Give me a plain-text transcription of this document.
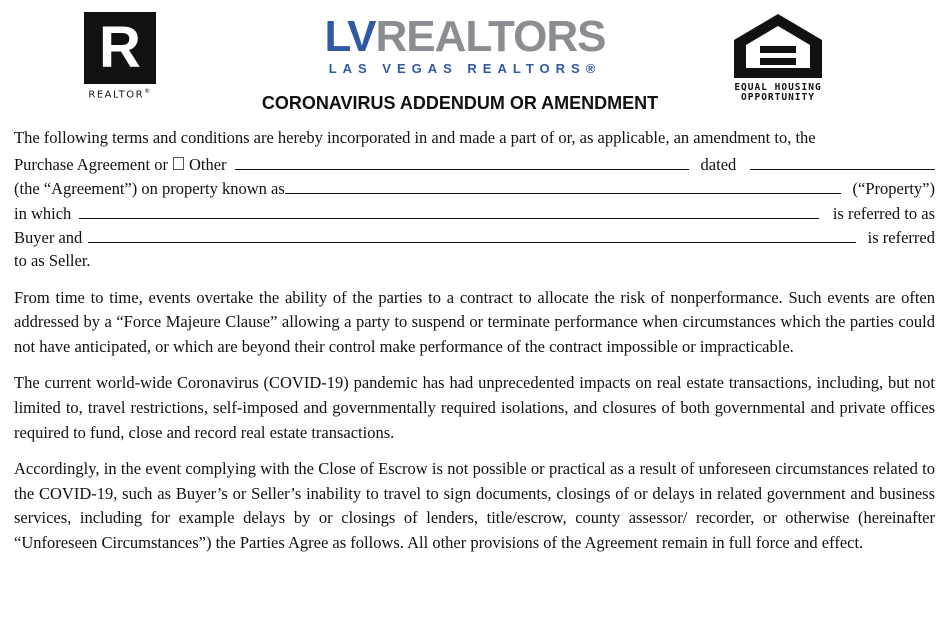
R
REALTOR®
LVREALTORS
LAS VEGAS REALTORS®
CORONAVIRUS ADDENDUM OR AMENDMENT
EQUAL HOUSING
OPPORTUNITY
The following terms and conditions are hereby incorporated in and made a part of or, as applicable, an amendment to, the
Purchase Agreement or Other	dated
(the “Agreement”) on property known as	(“Property”)
in which	is referred to as
Buyer and	is referred
to as Seller.

From time to time, events overtake the ability of the parties to a contract to allocate the risk of nonperformance. Such events are often addressed by a “Force Majeure Clause” allowing a party to suspend or terminate performance when circumstances which the parties could not have anticipated, or which are beyond their control make performance of the contract impossible or impracticable.

The current world-wide Coronavirus (COVID-19) pandemic has had unprecedented impacts on real estate transactions, including, but not limited to, travel restrictions, self-imposed and governmentally required isolations, and closures of both governmental and private offices required to fund, close and record real estate transactions.

Accordingly, in the event complying with the Close of Escrow is not possible or practical as a result of unforeseen circumstances related to the COVID-19, such as Buyer’s or Seller’s inability to travel to sign documents, closings of or delays in related government and business services, including for example delays by or closings of lenders, title/escrow, county assessor/ recorder, or otherwise (hereinafter “Unforeseen Circumstances”) the Parties Agree as follows. All other provisions of the Agreement remain in full force and effect.
